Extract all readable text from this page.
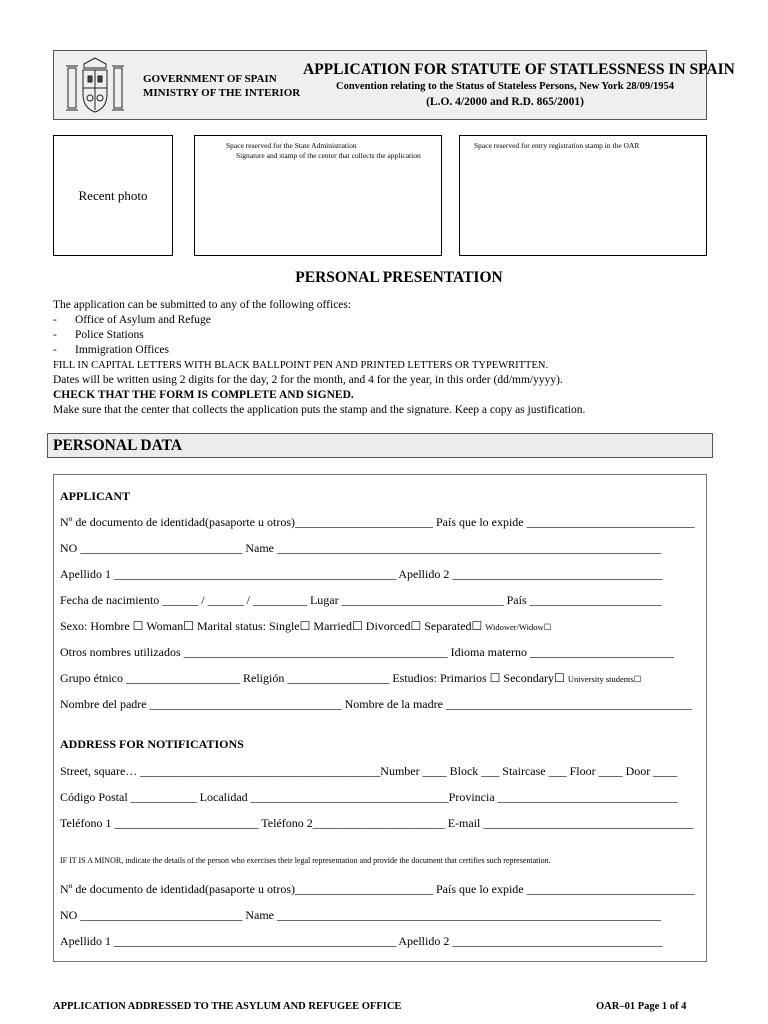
GOVERNMENT OF SPAIN
MINISTRY OF THE INTERIOR
APPLICATION FOR STATUTE OF STATLESSNESS IN SPAIN
Convention relating to the Status of Stateless Persons, New York 28/09/1954
(L.O. 4/2000 and R.D. 865/2001)
Recent photo
Space reserved for the State Administration
Signature and stamp of the center that collects the application
Space reserved for entry registration stamp in the OAR
PERSONAL PRESENTATION
The application can be submitted to any of the following offices:
- Office of Asylum and Refuge
- Police Stations
- Immigration Offices
FILL IN CAPITAL LETTERS WITH BLACK BALLPOINT PEN AND PRINTED LETTERS OR TYPEWRITTEN.
Dates will be written using 2 digits for the day, 2 for the month, and 4 for the year, in this order (dd/mm/yyyy).
CHECK THAT THE FORM IS COMPLETE AND SIGNED.
Make sure that the center that collects the application puts the stamp and the signature. Keep a copy as justification.
PERSONAL DATA
APPLICANT
Nº de documento de identidad(pasaporte u otros)_______________________ País que lo expide ____________________________
NO ___________________________ Name ________________________________________________________________
Apellido 1 _______________________________________________ Apellido 2 ___________________________________
Fecha de nacimiento ______ / ______ / _________ Lugar ___________________________ País ______________________
Sexo: Hombre ☐ Woman☐ Marital status: Single☐ Married☐ Divorced☐ Separated☐ Widower/Widow☐
Otros nombres utilizados ____________________________________________ Idioma materno ________________________
Grupo étnico ___________________ Religión _________________ Estudios: Primarios ☐ Secondary☐ University students☐
Nombre del padre ________________________________ Nombre de la madre _________________________________________
ADDRESS FOR NOTIFICATIONS
Street, square… ________________________________________Number ____ Block ___ Staircase ___ Floor ____ Door ____
Código Postal ___________ Localidad _________________________________Provincia ______________________________
Teléfono 1 ________________________ Teléfono 2______________________ E-mail ___________________________________
IF IT IS A MINOR, indicate the details of the person who exercises their legal representation and provide the document that certifies such representation.
Nº de documento de identidad(pasaporte u otros)_______________________ País que lo expide ____________________________
NO ___________________________ Name ________________________________________________________________
Apellido 1 _______________________________________________ Apellido 2 ___________________________________
APPLICATION ADDRESSED TO THE ASYLUM AND REFUGEE OFFICE	OAR–01 Page 1 of 4
